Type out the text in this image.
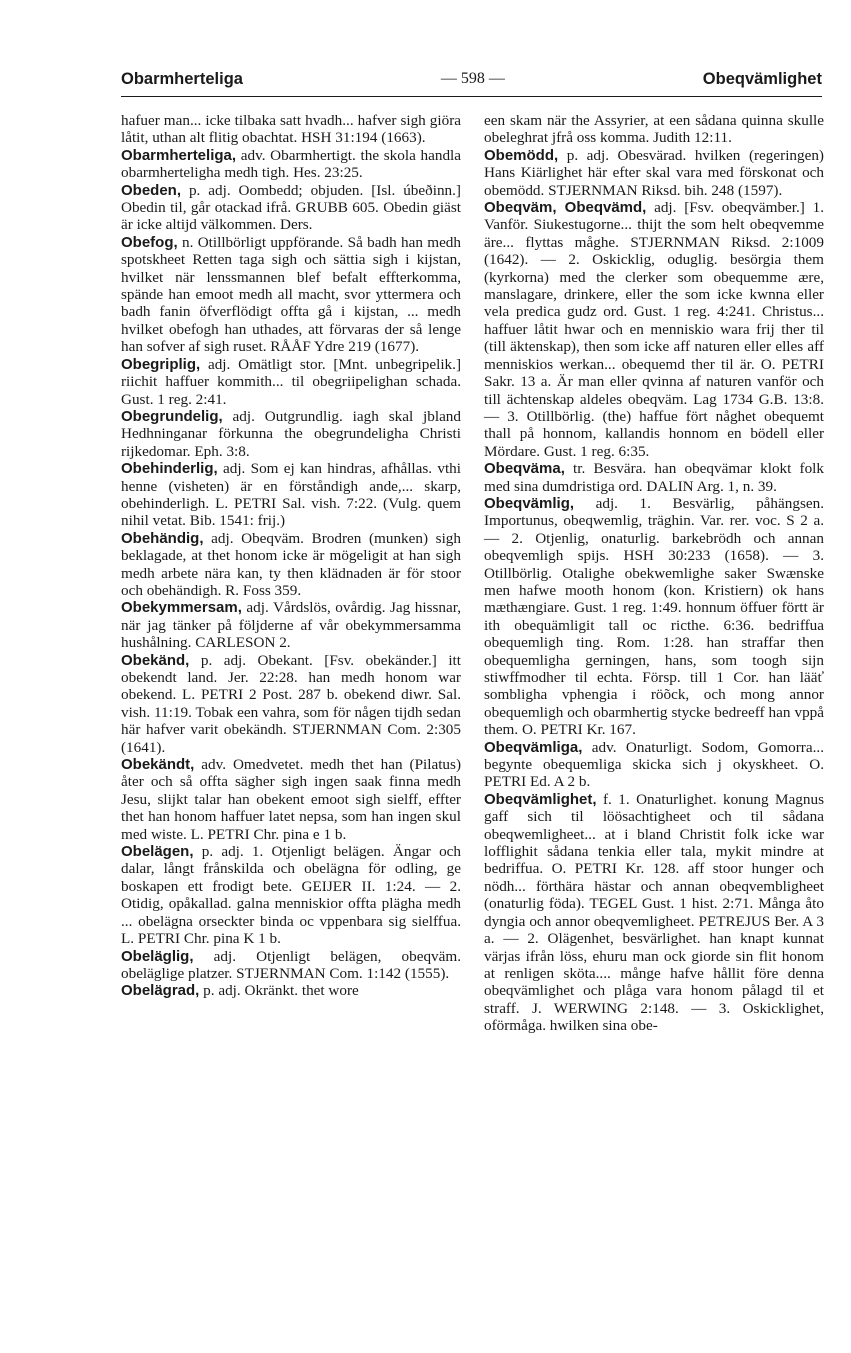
Obarmherteliga	— 598 —	Obeqvämlighet

hafuer man... icke tilbaka satt hvadh... hafver sigh giöra låtit, uthan alt flitig obachtat. HSH 31:194 (1663).

Obarmherteliga, adv. Obarmhertigt. the skola handla obarmherteligha medh tigh. Hes. 23:25.

Obeden, p. adj. Oombedd; objuden. [Isl. úbeðinn.] Obedin til, går otackad ifrå. GRUBB 605. Obedin giäst är icke altijd välkommen. Ders.

Obefog, n. Otillbörligt uppförande. Så badh han medh spotskheet Retten taga sigh och sättia sigh i kijstan, hvilket när lenssmannen blef befalt effterkomma, spände han emoot medh all macht, svor yttermera och badh fanin öfverflödigt offta gå i kijstan, ... medh hvilket obefogh han uthades, att förvaras der så lenge han sofver af sigh ruset. RÅÅF Ydre 219 (1677).

Obegriplig, adj. Omätligt stor. [Mnt. unbegripelik.] riichit haffuer kommith... til obegriipelighan schada. Gust. 1 reg. 2:41.

Obegrundelig, adj. Outgrundlig. iagh skal jbland Hedhninganar förkunna the obegrundeligha Christi rijkedomar. Eph. 3:8.

Obehinderlig, adj. Som ej kan hindras, afhållas. vthi henne (visheten) är en förståndigh ande,... skarp, obehinderligh. L. PETRI Sal. vish. 7:22. (Vulg. quem nihil vetat. Bib. 1541: frij.)

Obehändig, adj. Obeqväm. Brodren (munken) sigh beklagade, at thet honom icke är mögeligit at han sigh medh arbete nära kan, ty then klädnaden är för stoor och obehändigh. R. Foss 359.

Obekymmersam, adj. Vårdslös, ovårdig. Jag hissnar, när jag tänker på följderne af vår obekymmersamma hushålning. CARLESON 2.

Obekänd, p. adj. Obekant. [Fsv. obekänder.] itt obekendt land. Jer. 22:28. han medh honom war obekend. L. PETRI 2 Post. 287 b. obekend diwr. Sal. vish. 11:19. Tobak een vahra, som för någen tijdh sedan här hafver varit obekändh. STJERNMAN Com. 2:305 (1641).

Obekändt, adv. Omedvetet. medh thet han (Pilatus) åter och så offta sägher sigh ingen saak finna medh Jesu, slijkt talar han obekent emoot sigh sielff, effter thet han honom haffuer latet nepsa, som han ingen skul med wiste. L. PETRI Chr. pina e 1 b.

Obelägen, p. adj. 1. Otjenligt belägen. Ängar och dalar, långt frånskilda och obelägna för odling, ge boskapen ett frodigt bete. GEIJER II. 1:24. — 2. Otidig, opåkallad. galna menniskior offta plägha medh ... obelägna orseckter binda oc vppenbara sig sielffua. L. PETRI Chr. pina K 1 b.

Obeläglig, adj. Otjenligt belägen, obeqväm. obeläglige platzer. STJERNMAN Com. 1:142 (1555).

Obelägrad, p. adj. Okränkt. thet wore

een skam när the Assyrier, at een sådana quinna skulle obeleghrat jfrå oss komma. Judith 12:11.

Obemödd, p. adj. Obesvärad. hvilken (regeringen) Hans Kiärlighet här efter skal vara med förskonat och obemödd. STJERNMAN Riksd. bih. 248 (1597).

Obeqväm, Obeqvämd, adj. [Fsv. obeqvämber.] 1. Vanför. Siukestugorne... thijt the som helt obeqvemme äre... flyttas måghe. STJERNMAN Riksd. 2:1009 (1642). — 2. Oskicklig, oduglig. besörgia them (kyrkorna) med the clerker som obequemme ære, manslagare, drinkere, eller the som icke kwnna eller vela predica gudz ord. Gust. 1 reg. 4:241. Christus... haffuer låtit hwar och en menniskio wara frij ther til (till äktenskap), then som icke aff naturen eller elles aff menniskios werkan... obequemd ther til är. O. PETRI Sakr. 13 a. Är man eller qvinna af naturen vanför och till ächtenskap aldeles obeqväm. Lag 1734 G.B. 13:8. — 3. Otillbörlig. (the) haffue fört någhet obequemt thall på honnom, kallandis honnom en bödell eller Mördare. Gust. 1 reg. 6:35.

Obeqväma, tr. Besvära. han obeqvämar klokt folk med sina dumdristiga ord. DALIN Arg. 1, n. 39.

Obeqvämlig, adj. 1. Besvärlig, påhängsen. Importunus, obeqwemlig, träghin. Var. rer. voc. S 2 a. — 2. Otjenlig, onaturlig. barkebrödh och annan obeqvemligh spijs. HSH 30:233 (1658). — 3. Otillbörlig. Otalighe obekwemlighe saker Swænske men hafwe mooth honom (kon. Kristiern) ok hans mæthængiare. Gust. 1 reg. 1:49. honnum öffuer förtt är ith obequämligit tall oc ricthe. 6:36. bedriffua obequemligh ting. Rom. 1:28. han straffar then obequemligha gerningen, hans, som toogh sijn stiwffmodher til echta. Försp. till 1 Cor. han lääť sombligha vphengia i röõck, och mong annor obequemligh och obarmhertig stycke bedreeff han vppå them. O. PETRI Kr. 167.

Obeqvämliga, adv. Onaturligt. Sodom, Gomorra... begynte obequemliga skicka sich j okyskheet. O. PETRI Ed. A 2 b.

Obeqvämlighet, f. 1. Onaturlighet. konung Magnus gaff sich til löösachtigheet och til sådana obeqwemligheet... at i bland Christit folk icke war lofflighit sådana tenkia eller tala, mykit mindre at bedriffua. O. PETRI Kr. 128. aff stoor hunger och nödh... förthära hästar och annan obeqvembligheet (onaturlig föda). TEGEL Gust. 1 hist. 2:71. Många åto dyngia och annor obeqvemligheet. PETREJUS Ber. A 3 a. — 2. Olägenhet, besvärlighet. han knapt kunnat värjas ifrån löss, ehuru man ock giorde sin flit honom at renligen sköta.... månge hafve hållit före denna obeqvämlighet och plåga vara honom pålagd til et straff. J. WERWING 2:148. — 3. Oskicklighet, oförmåga. hwilken sina obe-
